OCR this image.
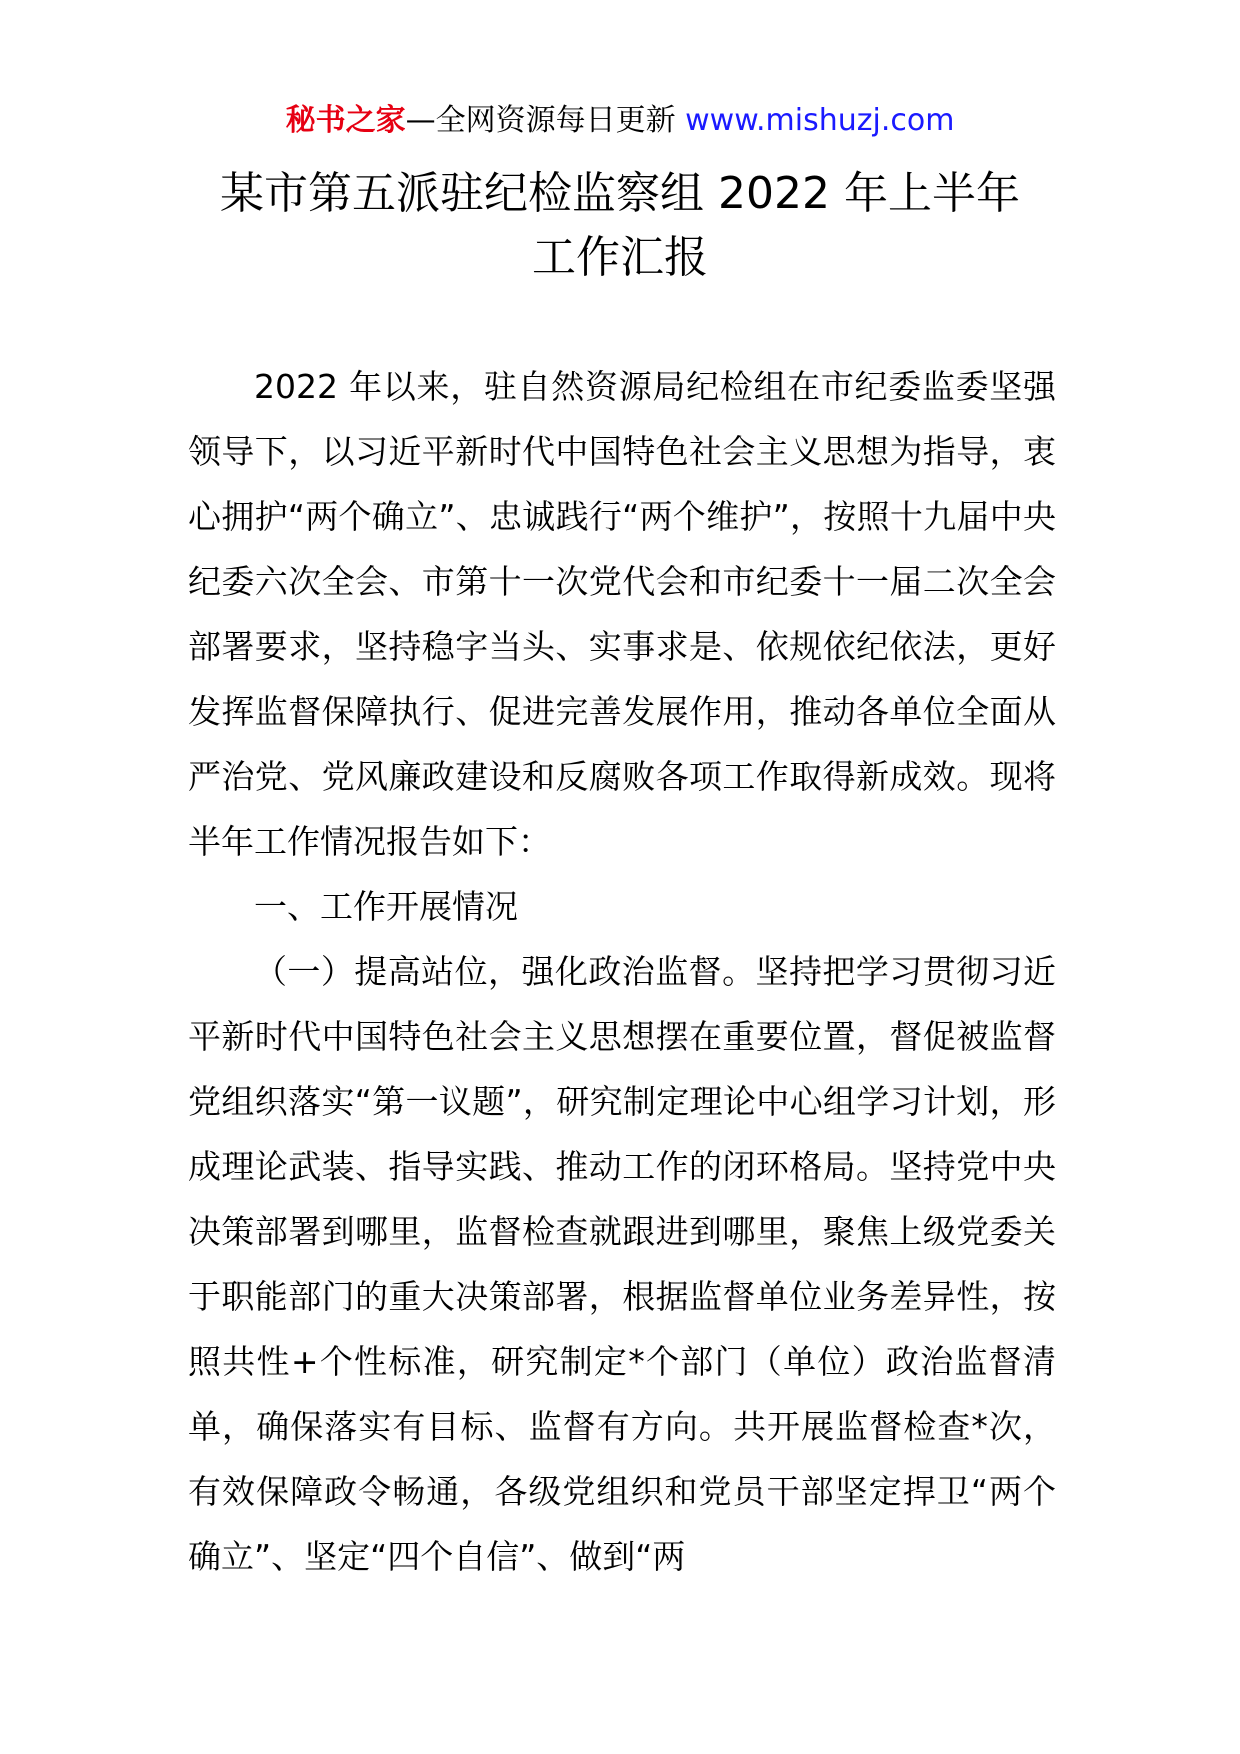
秘书之家—全网资源每日更新 www.mishuzj.com
某市第五派驻纪检监察组 2022 年上半年
工作汇报

2022 年以来，驻自然资源局纪检组在市纪委监委坚强领导下，以习近平新时代中国特色社会主义思想为指导，衷心拥护“两个确立”、忠诚践行“两个维护”，按照十九届中央纪委六次全会、市第十一次党代会和市纪委十一届二次全会部署要求，坚持稳字当头、实事求是、依规依纪依法，更好发挥监督保障执行、促进完善发展作用，推动各单位全面从严治党、党风廉政建设和反腐败各项工作取得新成效。现将半年工作情况报告如下：

一、工作开展情况

（一）提高站位，强化政治监督。坚持把学习贯彻习近平新时代中国特色社会主义思想摆在重要位置，督促被监督党组织落实“第一议题”，研究制定理论中心组学习计划，形成理论武装、指导实践、推动工作的闭环格局。坚持党中央决策部署到哪里，监督检查就跟进到哪里，聚焦上级党委关于职能部门的重大决策部署，根据监督单位业务差异性，按照共性+个性标准，研究制定*个部门（单位）政治监督清单，确保落实有目标、监督有方向。共开展监督检查*次，有效保障政令畅通，各级党组织和党员干部坚定捍卫“两个确立”、坚定“四个自信”、做到“两
